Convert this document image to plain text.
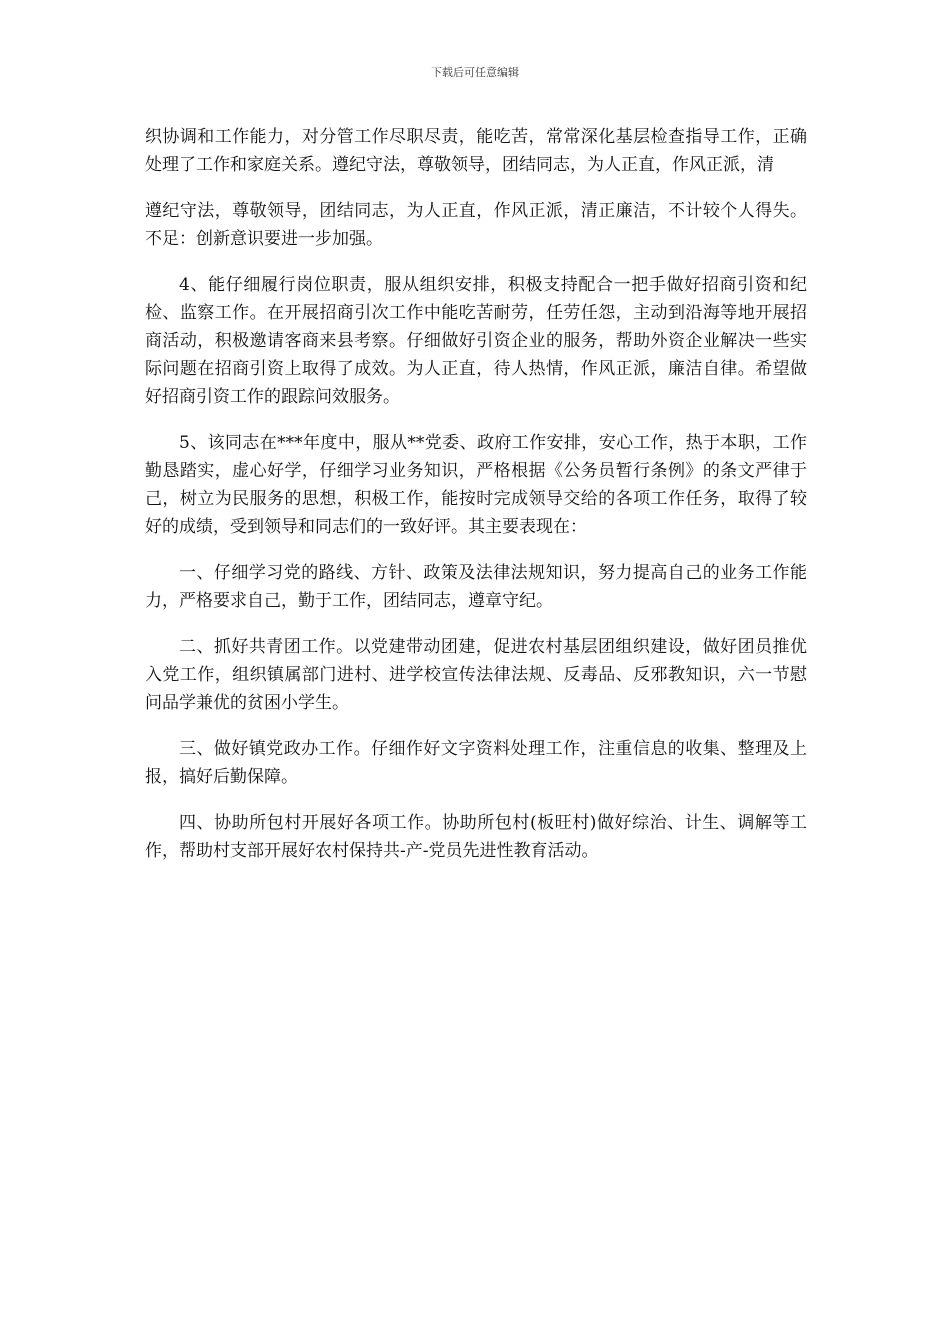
下载后可任意编辑

织协调和工作能力，对分管工作尽职尽责，能吃苦，常常深化基层检查指导工作，正确处理了工作和家庭关系。遵纪守法，尊敬领导，团结同志，为人正直，作风正派，清

遵纪守法，尊敬领导，团结同志，为人正直，作风正派，清正廉洁，不计较个人得失。不足：创新意识要进一步加强。

4、能仔细履行岗位职责，服从组织安排，积极支持配合一把手做好招商引资和纪检、监察工作。在开展招商引次工作中能吃苦耐劳，任劳任怨，主动到沿海等地开展招商活动，积极邀请客商来县考察。仔细做好引资企业的服务，帮助外资企业解决一些实际问题在招商引资上取得了成效。为人正直，待人热情，作风正派，廉洁自律。希望做好招商引资工作的跟踪问效服务。

5、该同志在***年度中，服从**党委、政府工作安排，安心工作，热于本职，工作勤恳踏实，虚心好学，仔细学习业务知识，严格根据《公务员暂行条例》的条文严律于己，树立为民服务的思想，积极工作，能按时完成领导交给的各项工作任务，取得了较好的成绩，受到领导和同志们的一致好评。其主要表现在：

一、仔细学习党的路线、方针、政策及法律法规知识，努力提高自己的业务工作能力，严格要求自己，勤于工作，团结同志，遵章守纪。

二、抓好共青团工作。以党建带动团建，促进农村基层团组织建设，做好团员推优入党工作，组织镇属部门进村、进学校宣传法律法规、反毒品、反邪教知识，六一节慰问品学兼优的贫困小学生。

三、做好镇党政办工作。仔细作好文字资料处理工作，注重信息的收集、整理及上报，搞好后勤保障。

四、协助所包村开展好各项工作。协助所包村(板旺村)做好综治、计生、调解等工作，帮助村支部开展好农村保持共-产-党员先进性教育活动。
